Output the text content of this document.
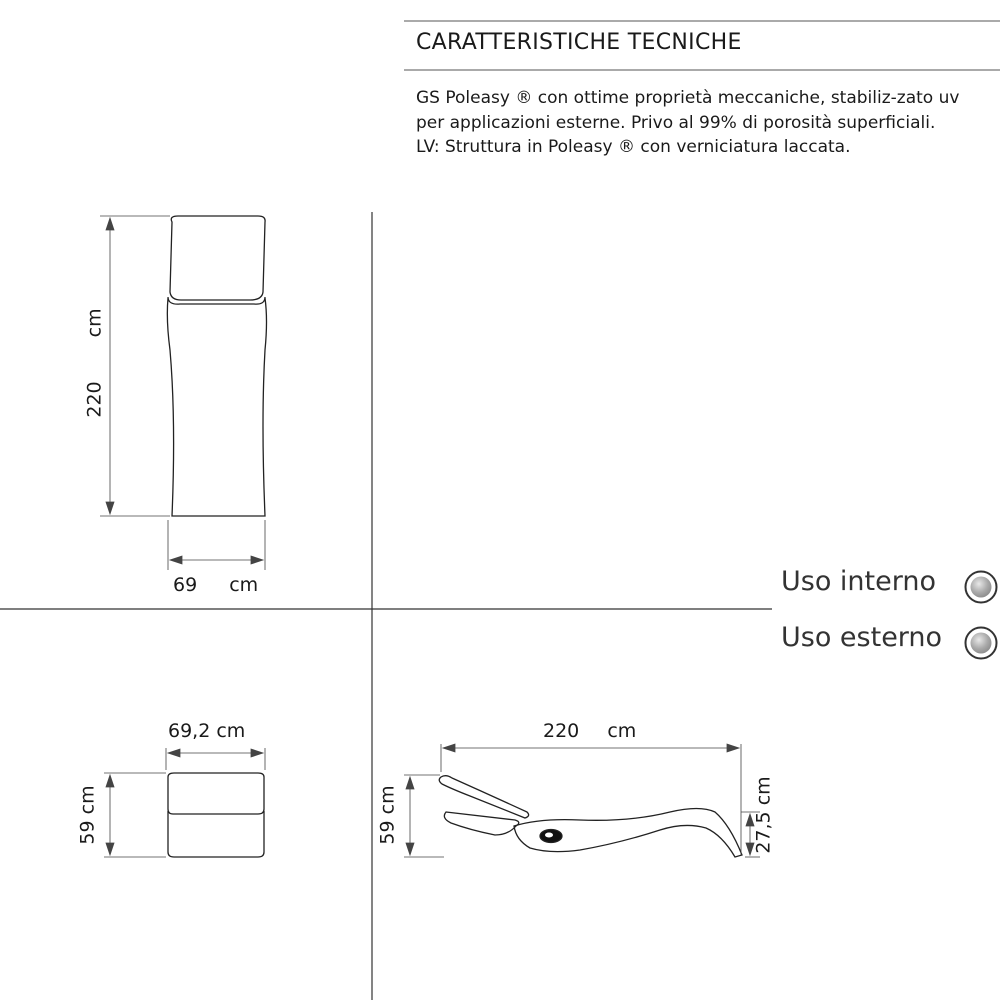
CARATTERISTICHE TECNICHE

GS Poleasy ® con ottime proprietà meccaniche, stabiliz-zato uv per applicazioni esterne. Privo al 99% di porosità superficiali.

LV: Struttura in Poleasy ® con verniciatura laccata.

220 cm
69 cm
69,2 cm
59 cm
220 cm
59 cm	27,5 cm
Uso interno
Uso esterno
